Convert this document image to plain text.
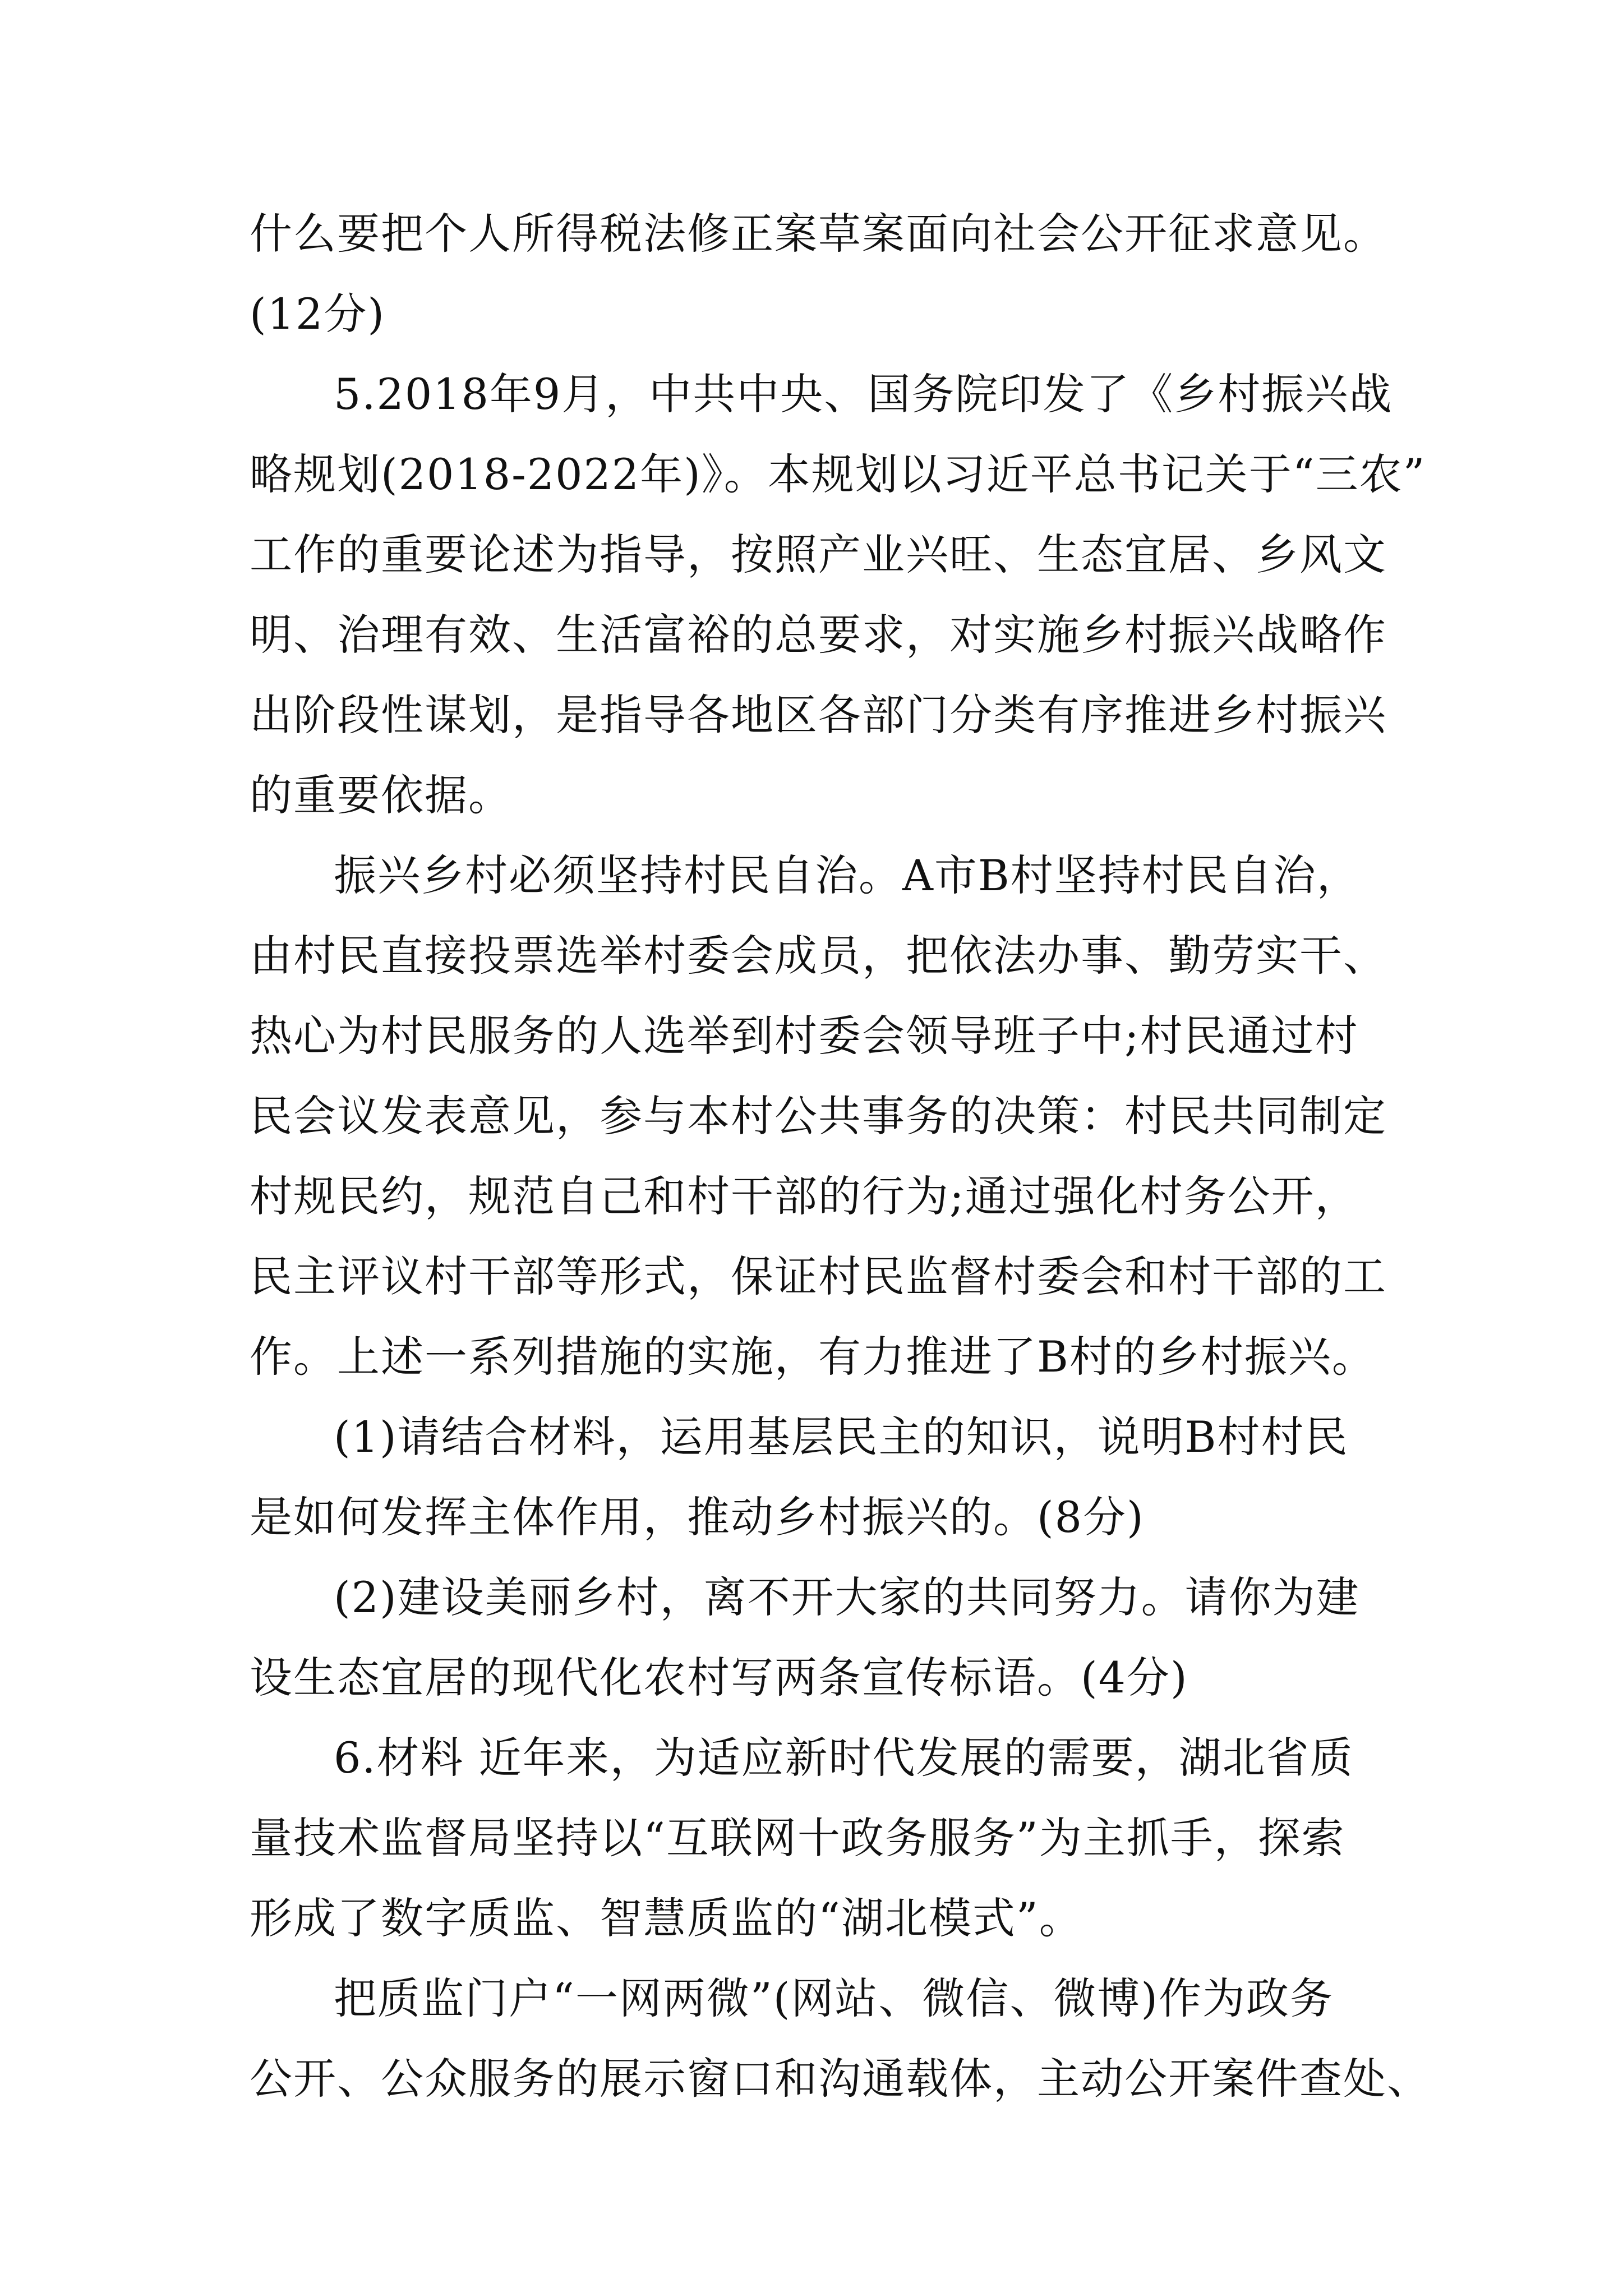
什么要把个人所得税法修正案草案面向社会公开征求意见。
(12分)
5.2018年9月，中共中央、国务院印发了《乡村振兴战
略规划(2018-2022年)》。本规划以习近平总书记关于“三农”
工作的重要论述为指导，按照产业兴旺、生态宜居、乡风文
明、治理有效、生活富裕的总要求，对实施乡村振兴战略作
出阶段性谋划，是指导各地区各部门分类有序推进乡村振兴
的重要依据。
振兴乡村必须坚持村民自治。A市B村坚持村民自治，
由村民直接投票选举村委会成员，把依法办事、勤劳实干、
热心为村民服务的人选举到村委会领导班子中;村民通过村
民会议发表意见，参与本村公共事务的决策：村民共同制定
村规民约，规范自己和村干部的行为;通过强化村务公开，
民主评议村干部等形式，保证村民监督村委会和村干部的工
作。上述一系列措施的实施，有力推进了B村的乡村振兴。
(1)请结合材料，运用基层民主的知识，说明B村村民
是如何发挥主体作用，推动乡村振兴的。(8分)
(2)建设美丽乡村，离不开大家的共同努力。请你为建
设生态宜居的现代化农村写两条宣传标语。(4分)
6.材料 近年来，为适应新时代发展的需要，湖北省质
量技术监督局坚持以“互联网十政务服务”为主抓手，探索
形成了数字质监、智慧质监的“湖北模式”。
把质监门户“一网两微”(网站、微信、微博)作为政务
公开、公众服务的展示窗口和沟通载体，主动公开案件查处、
